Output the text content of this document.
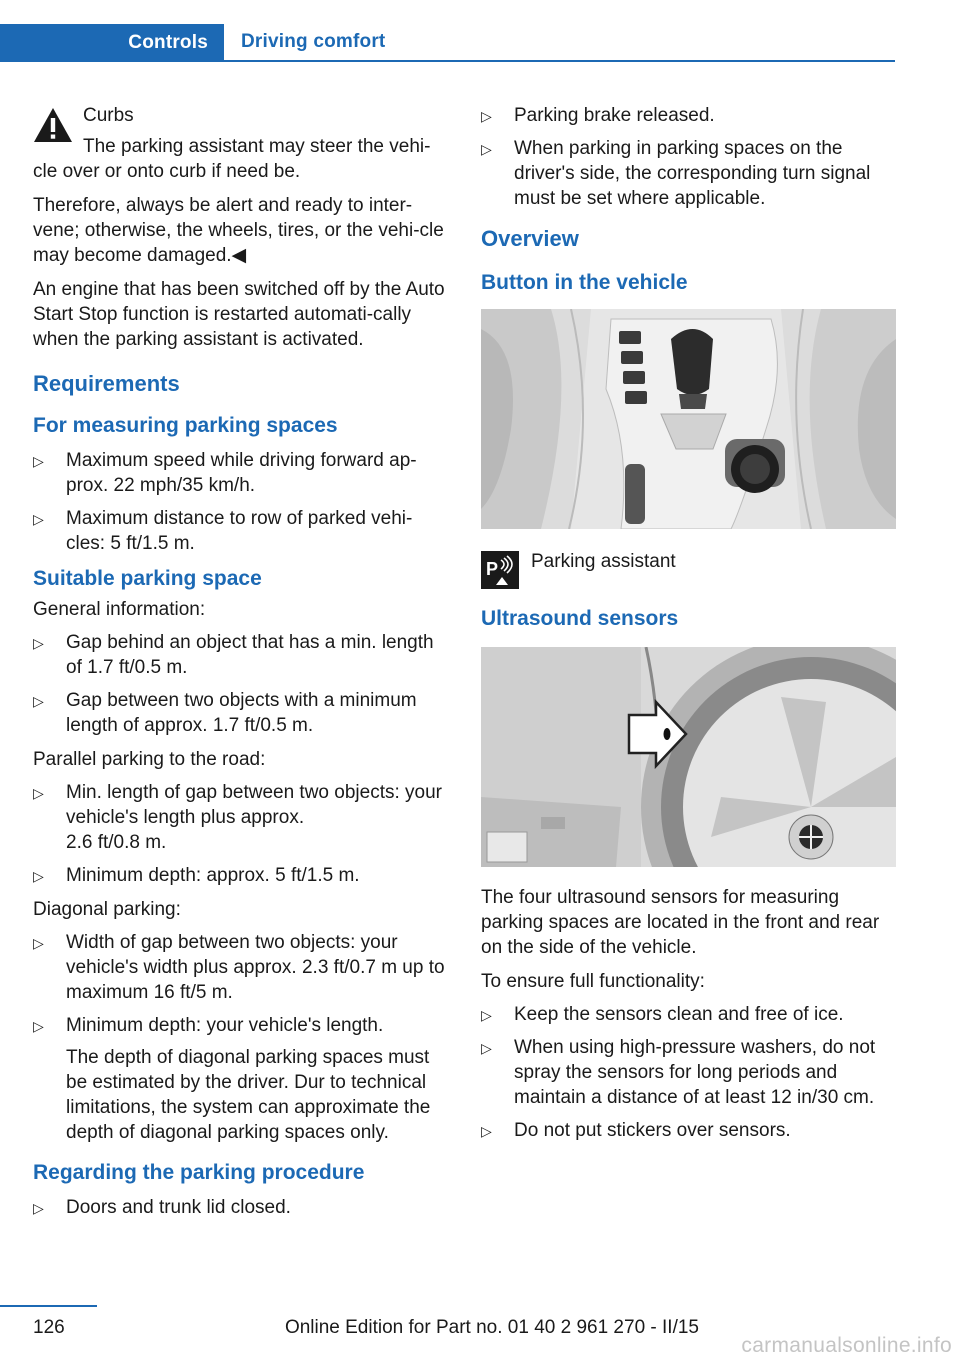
Controls	Driving comfort

Curbs

The parking assistant may steer the vehi‐

cle over or onto curb if need be.

Therefore, always be alert and ready to inter‐vene; otherwise, the wheels, tires, or the vehi‐cle may become damaged.◀

An engine that has been switched off by the Auto Start Stop function is restarted automati‐cally when the parking assistant is activated.

Requirements
For measuring parking spaces
▷ Maximum speed while driving forward ap‐prox. 22 mph/35 km/h.
▷ Maximum distance to row of parked vehi‐cles: 5 ft/1.5 m.
Suitable parking space

General information:

▷ Gap behind an object that has a min. length of 1.7 ft/0.5 m.
▷ Gap between two objects with a minimum length of approx. 1.7 ft/0.5 m.

Parallel parking to the road:

▷ Min. length of gap between two objects: your vehicle's length plus approx.
2.6 ft/0.8 m.
▷ Minimum depth: approx. 5 ft/1.5 m.

Diagonal parking:

▷ Width of gap between two objects: your vehicle's width plus approx. 2.3 ft/0.7 m up to maximum 16 ft/5 m.
▷ Minimum depth: your vehicle's length.
The depth of diagonal parking spaces must be estimated by the driver. Dur to technical limitations, the system can approximate the depth of diagonal parking spaces only.
Regarding the parking procedure
▷ Doors and trunk lid closed.
▷ Parking brake released.
▷ When parking in parking spaces on the driver's side, the corresponding turn signal must be set where applicable.
Overview
Button in the vehicle
P Parking assistant
Ultrasound sensors

The four ultrasound sensors for measuring parking spaces are located in the front and rear on the side of the vehicle.

To ensure full functionality:

▷ Keep the sensors clean and free of ice.
▷ When using high-pressure washers, do not spray the sensors for long periods and maintain a distance of at least 12 in/30 cm.
▷ Do not put stickers over sensors.
126	Online Edition for Part no. 01 40 2 961 270 - II/15
carmanualsonline.info
